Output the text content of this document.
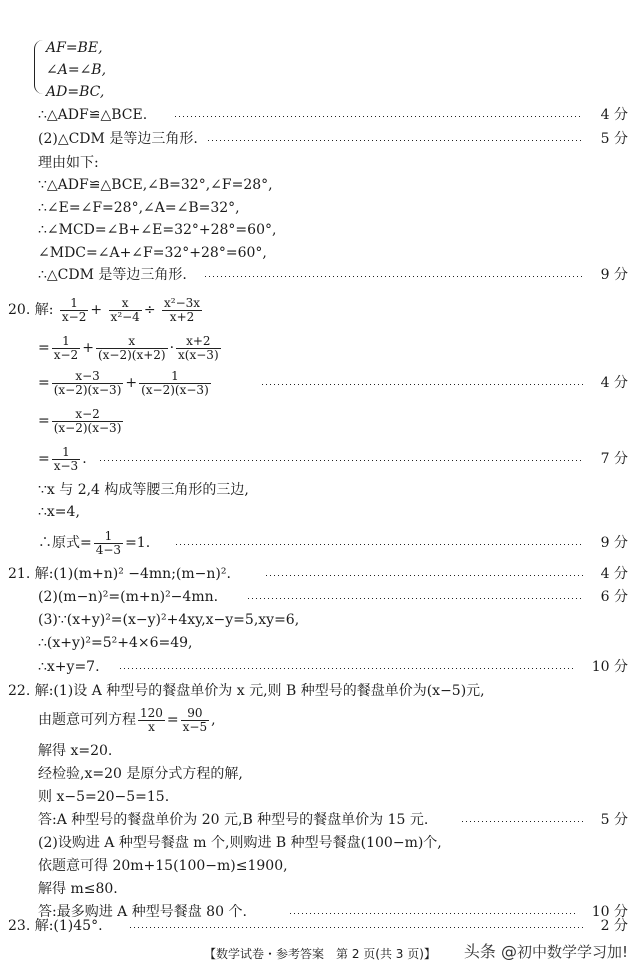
AF=BE,
∠A=∠B,
AD=BC,
∴△ADF≌△BCE.	4 分
(2)△CDM 是等边三角形.	5 分
理由如下:
∵△ADF≌△BCE,∠B=32°,∠F=28°,
∴∠E=∠F=28°,∠A=∠B=32°,
∴∠MCD=∠B+∠E=32°+28°=60°,
∠MDC=∠A+∠F=32°+28°=60°,
∴△CDM 是等边三角形.	9 分
20. 解: $\frac{1}{x-2} + \frac{x}{\text{x²−4}} \div \frac{\text{x²−3x}}{x+2}$
= $\frac{1}{x-2} + \frac{x}{(x-2)(x+2)} \cdot \frac{x+2}{x(x-3)}$
= $\frac{x-3}{(x-2)(x-3)} + \frac{1}{(x-2)(x-3)}$	4 分
= $\frac{x-2}{(x-2)(x-3)}$
= $\frac{1}{x-3}$ .	7 分
∵x 与 2,4 构成等腰三角形的三边,
∴x=4,
∴原式= $\frac{1}{4-3} =1$.	9 分
21. 解:(1)(m+n)² −4mn;(m−n)².	4 分
(2)(m−n)²=(m+n)²−4mn.	6 分
(3)∵(x+y)²=(x−y)²+4xy,x−y=5,xy=6,
∴(x+y)²=5²+4×6=49,
∴x+y=7.	10 分
22. 解:(1)设 A 种型号的餐盘单价为 x 元,则 B 种型号的餐盘单价为(x−5)元,
由题意可列方程 $\frac{120}{x} = \frac{90}{x-5}$ ,
解得 x=20.
经检验,x=20 是原分式方程的解,
则 x−5=20−5=15.
答:A 种型号的餐盘单价为 20 元,B 种型号的餐盘单价为 15 元.	5 分
(2)设购进 A 种型号餐盘 m 个,则购进 B 种型号餐盘(100−m)个,
依题意可得 20m+15(100−m)≤1900,
解得 m≤80.
答:最多购进 A 种型号餐盘 80 个.	10 分
23. 解:(1)45°.	2 分
【数学试卷・参考答案　第 2 页(共 3 页)】	头条 @初中数学学习加!
